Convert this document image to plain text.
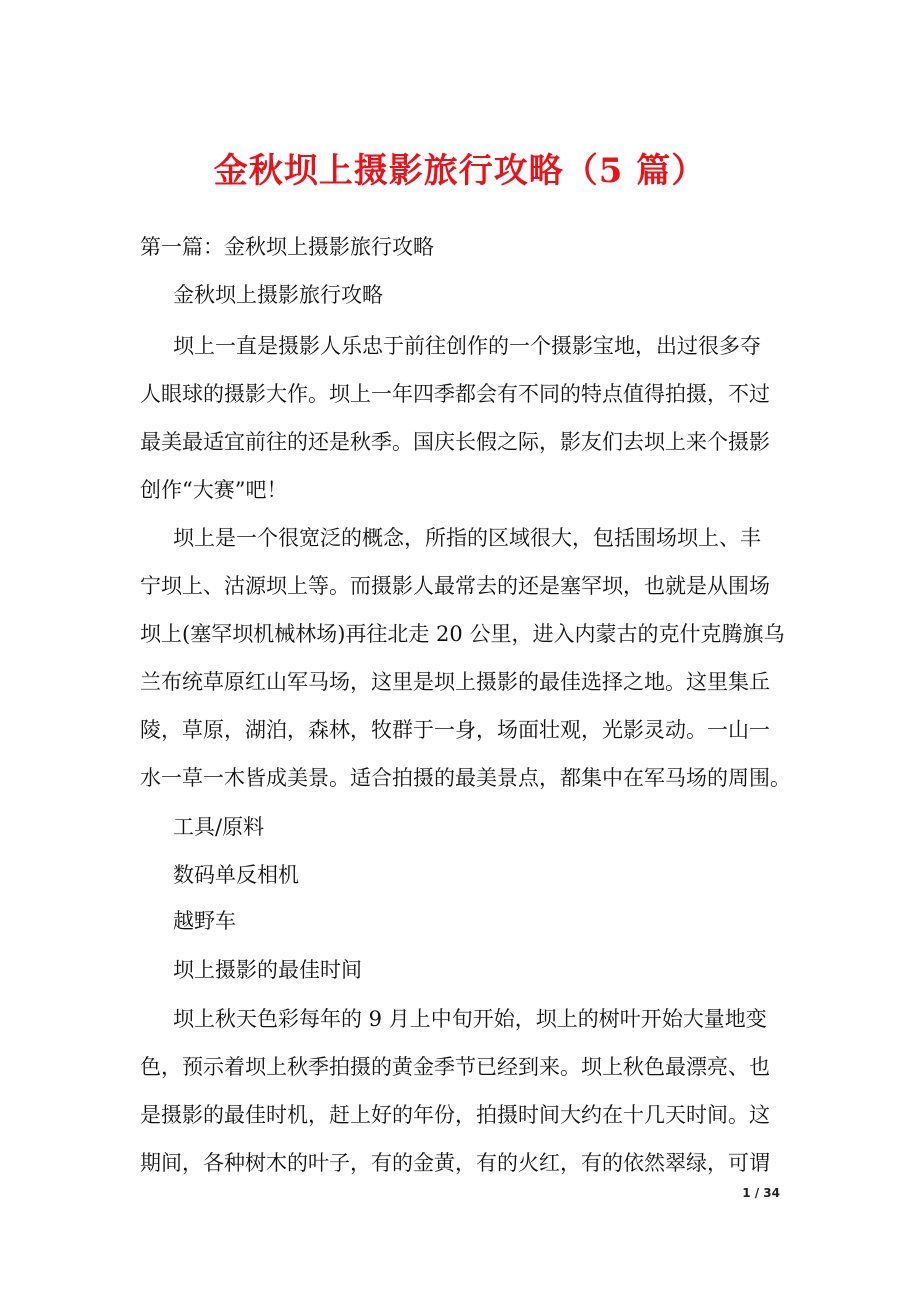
金秋坝上摄影旅行攻略（5 篇）
第一篇：金秋坝上摄影旅行攻略
金秋坝上摄影旅行攻略
坝上一直是摄影人乐忠于前往创作的一个摄影宝地，出过很多夺
人眼球的摄影大作。坝上一年四季都会有不同的特点值得拍摄，不过
最美最适宜前往的还是秋季。国庆长假之际，影友们去坝上来个摄影
创作“大赛”吧！
坝上是一个很宽泛的概念，所指的区域很大，包括围场坝上、丰
宁坝上、沽源坝上等。而摄影人最常去的还是塞罕坝，也就是从围场
坝上(塞罕坝机械林场)再往北走 20 公里，进入内蒙古的克什克腾旗乌
兰布统草原红山军马场，这里是坝上摄影的最佳选择之地。这里集丘
陵，草原，湖泊，森林，牧群于一身，场面壮观，光影灵动。一山一
水一草一木皆成美景。适合拍摄的最美景点，都集中在军马场的周围。
工具/原料
数码单反相机
越野车
坝上摄影的最佳时间
坝上秋天色彩每年的 9 月上中旬开始，坝上的树叶开始大量地变
色，预示着坝上秋季拍摄的黄金季节已经到来。坝上秋色最漂亮、也
是摄影的最佳时机，赶上好的年份，拍摄时间大约在十几天时间。这
期间，各种树木的叶子，有的金黄，有的火红，有的依然翠绿，可谓
1 / 34
